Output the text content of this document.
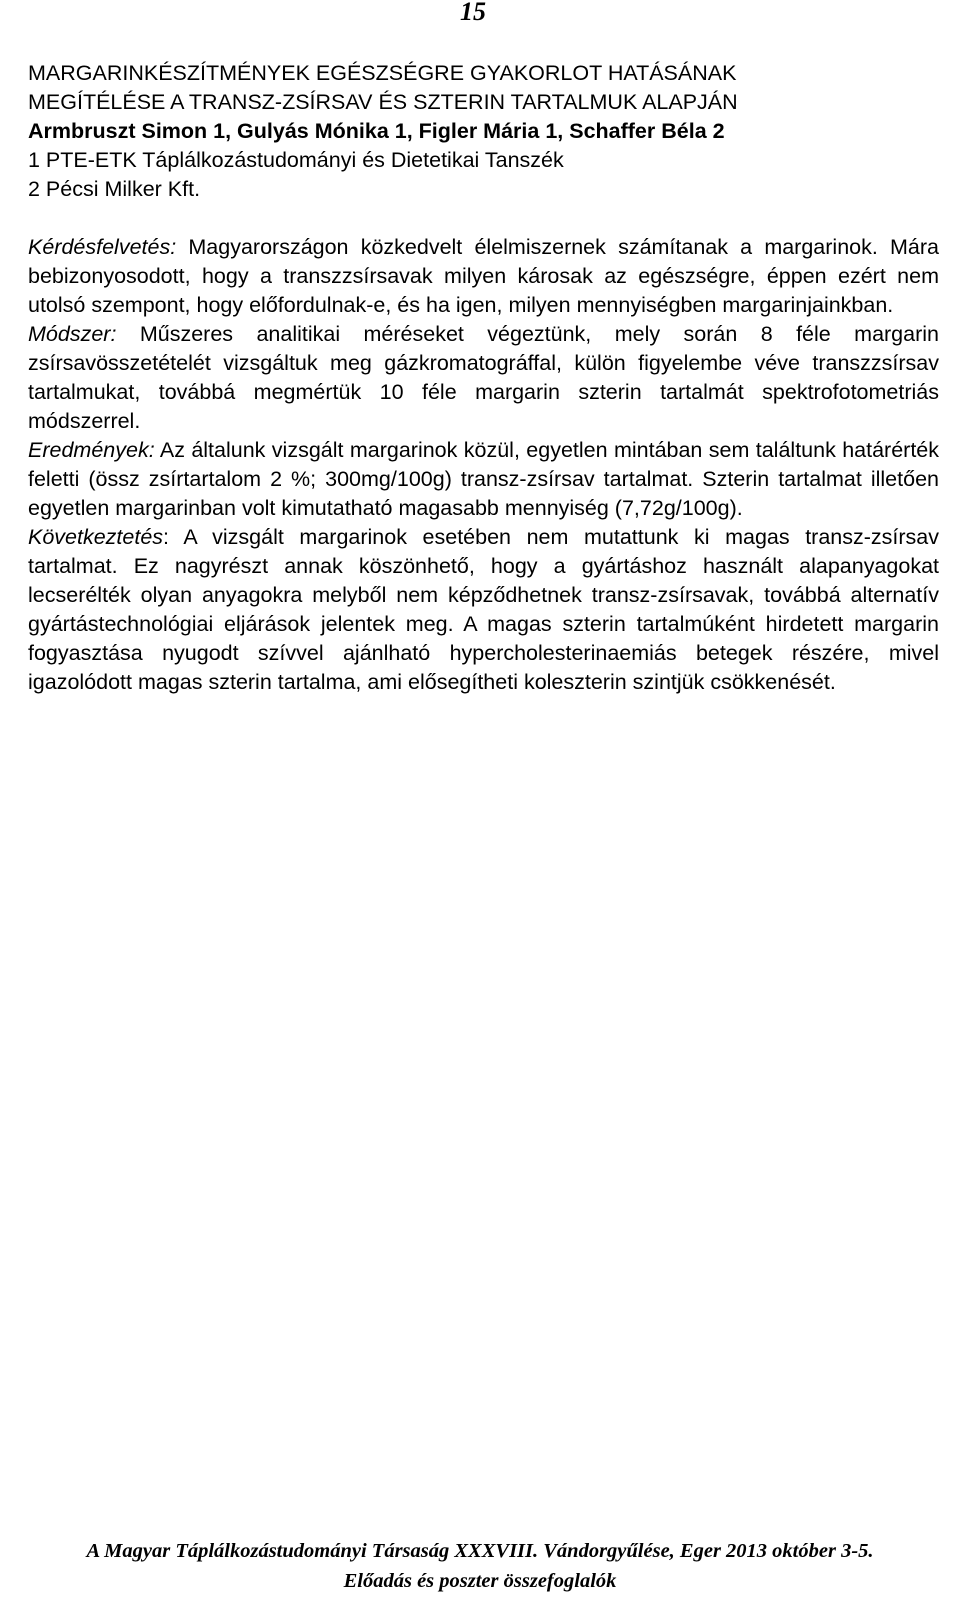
15
MARGARINKÉSZÍTMÉNYEK EGÉSZSÉGRE GYAKORLOT HATÁSÁNAK
MEGÍTÉLÉSE A TRANSZ-ZSÍRSAV ÉS SZTERIN TARTALMUK ALAPJÁN
Armbruszt Simon 1, Gulyás Mónika 1, Figler Mária 1, Schaffer Béla 2
1 PTE-ETK Táplálkozástudományi és Dietetikai Tanszék
2 Pécsi Milker Kft.

Kérdésfelvetés: Magyarországon közkedvelt élelmiszernek számítanak a margarinok. Mára bebizonyosodott, hogy a transzzsírsavak milyen károsak az egészségre, éppen ezért nem utolsó szempont, hogy előfordulnak-e, és ha igen, milyen mennyiségben margarinjainkban.

Módszer: Műszeres analitikai méréseket végeztünk, mely során 8 féle margarin zsírsavösszetételét vizsgáltuk meg gázkromatográffal, külön figyelembe véve transzzsírsav tartalmukat, továbbá megmértük 10 féle margarin szterin tartalmát spektrofotometriás módszerrel.

Eredmények: Az általunk vizsgált margarinok közül, egyetlen mintában sem találtunk határérték feletti (össz zsírtartalom 2 %; 300mg/100g) transz-zsírsav tartalmat. Szterin tartalmat illetően egyetlen margarinban volt kimutatható magasabb mennyiség (7,72g/100g).

Következtetés: A vizsgált margarinok esetében nem mutattunk ki magas transz-zsírsav tartalmat. Ez nagyrészt annak köszönhető, hogy a gyártáshoz használt alapanyagokat lecserélték olyan anyagokra melyből nem képződhetnek transz-zsírsavak, továbbá alternatív gyártástechnológiai eljárások jelentek meg. A magas szterin tartalmúként hirdetett margarin fogyasztása nyugodt szívvel ajánlható hypercholesterinaemiás betegek részére, mivel igazolódott magas szterin tartalma, ami elősegítheti koleszterin szintjük csökkenését.

A Magyar Táplálkozástudományi Társaság XXXVIII. Vándorgyűlése, Eger 2013 október 3-5.
Előadás és poszter összefoglalók
